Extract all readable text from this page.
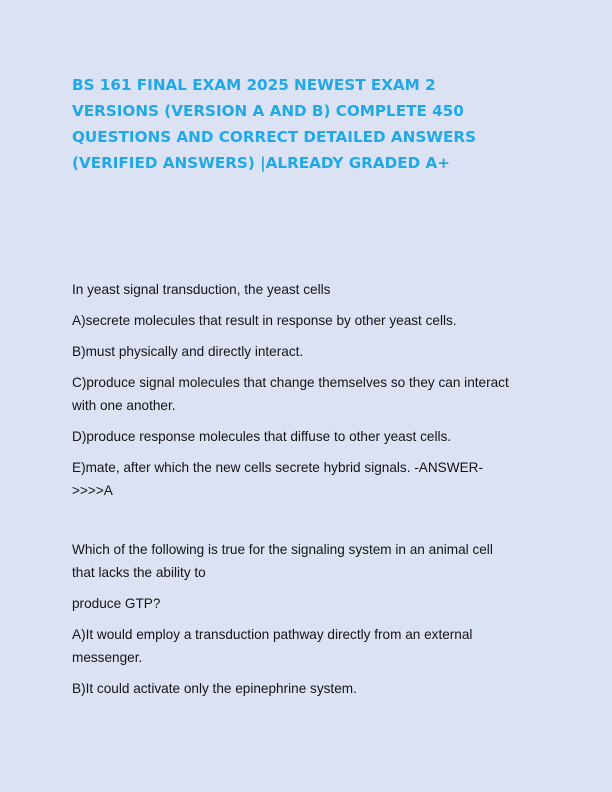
BS 161 FINAL EXAM 2025 NEWEST EXAM 2
VERSIONS (VERSION A AND B) COMPLETE 450
QUESTIONS AND CORRECT DETAILED ANSWERS
(VERIFIED ANSWERS) |ALREADY GRADED A+
In yeast signal transduction, the yeast cells
A)secrete molecules that result in response by other yeast cells.
B)must physically and directly interact.
C)produce signal molecules that change themselves so they can interact
with one another.
D)produce response molecules that diffuse to other yeast cells.
E)mate, after which the new cells secrete hybrid signals. -ANSWER-
>>>>A
Which of the following is true for the signaling system in an animal cell
that lacks the ability to
produce GTP?
A)It would employ a transduction pathway directly from an external
messenger.
B)It could activate only the epinephrine system.
